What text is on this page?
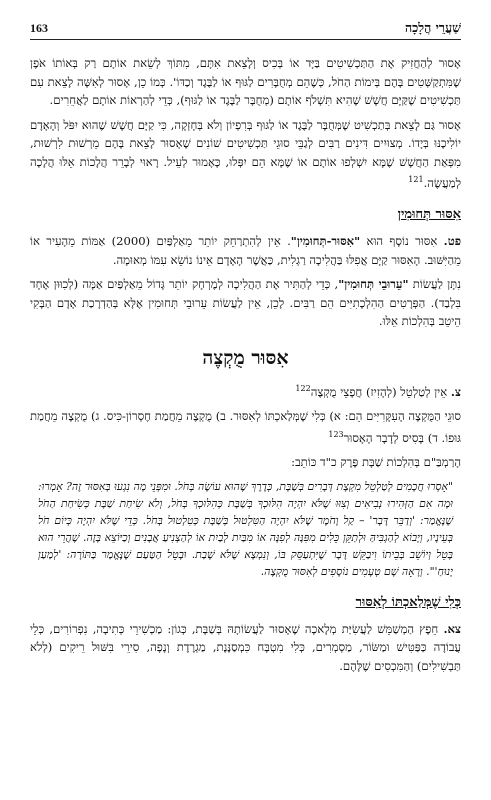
163	שַׁעֲרֵי הֲלָכָה

אָסוּר לְהַחֲזִיק אֶת הַתַּכְשִׁיטִים בַּיָּד אוֹ בְּכִיס וְלָצֵאת אִתָּם, מִתּוֹךְ לְשֵׂאת אוֹתָם רַק בְּאוֹתוֹ אֹפֶן שֶׁמִּתְקַשְּׁטִים בָּהֶם בְּימוֹת הַחֹל, כְּשֶׁהֵם מְחֻבָּרִים לַגּוּף אוֹ לַבֶּגֶד וְכַדּוֹ'. כְּמוֹ כֵן, אָסוּר לְאִשָּׁה לָצֵאת עִם תַּכְשִׁיטִים שֶׁקַּיָּם חֲשָׁשׁ שֶׁהִיא תִּשְׁלֹף אוֹתָם (מְחֻבָּר לַבֶּגֶד אוֹ לַגּוּף), כְּדֵי לְהַרְאוֹת אוֹתָם לַאֲחֵרִים.

אָסוּר גַּם לָצֵאת בְּתַכְשִׁיט שֶׁמְּחֻבָּר לַבֶּגֶד אוֹ לַגּוּף בְּרִפְיוֹן וְלֹא בְּחָזְקָה, כִּי קַיָּם חֲשָׁשׁ שֶׁהוּא יִפֹּל וְהָאָדָם יוֹלִיכֶנּוּ בְּיָדוֹ. מְצוּיִים דִּינִים רַבִּים לְגַבֵּי סוּגֵי תַּכְשִׁיטִים שׁוֹנִים שֶׁאָסוּר לָצֵאת בָּהֶם מֵרְשׁוּת לִרְשׁוּת, מִפְּאַת הַחֲשָׁשׁ שֶׁמָּא יִשְׁלְפוּ אוֹתָם אוֹ שֶׁמָּא הֵם יִפְּלוּ, כָּאָמוּר לְעֵיל. רָאוּי לְבָרֵר הֲלָכוֹת אֵלּוּ הֲלָכָה לְמַעֲשֶׂה.$^{121}$

אִסּוּר תְּחוּמִין

פט. אִסּוּר נוֹסָף הוּא "אִסּוּר-תְּחוּמִין". אֵין לְהִתְרַחֵק יוֹתֵר מֵאַלְפַּיִם (2000) אַמּוֹת מֵהָעִיר אוֹ מֵהַיִּשּׁוּב. הָאִסּוּר קַיָּם אֲפִלּוּ בַּהֲלִיכָה רַגְלִית, כַּאֲשֶׁר הָאָדָם אֵינוֹ נוֹשֵׂא עִמּוֹ מְאוּמָה.

נִתָּן לַעֲשׂוֹת "עֵרוּבֵי תְּחוּמִין", כְּדֵי לְהַתִּיר אֶת הַהֲלִיכָה לְמֶרְחָק יוֹתֵר גָּדוֹל מֵאַלְפַּיִם אַמָּה (לְכִוּוּן אֶחָד בִּלְבַד). הַפְּרָטִים הַהִלְכָתִיִּים הֵם רַבִּים. לָכֵן, אֵין לַעֲשׂוֹת עֵרוּבֵי תְּחוּמִין אֶלָּא בְּהַדְרָכַת אָדָם הַבָּקִי הֵיטֵב בְּהִלְכוֹת אֵלּוּ.

אִסּוּר מֻקְצֶה

צ. אֵין לְטַלְטֵל (לְהָזִיז) חֲפָצֵי מֻקְצֶה$^{122}$

סוּגֵי הַמֻּקְצֶה הָעִקָּרִיִּים הֵם: א) כְּלִי שֶׁמְּלַאכְתּוֹ לְאִסּוּר. ב) מֻקְצֶה מֵחֲמַת חֶסְרוֹן-כִּיס. ג) מֻקְצֶה מֵחֲמַת גּוּפוֹ. ד) בָּסִיס לְדָבָר הָאָסוּר$^{123}$

הָרַמְבַּ"ם בְּהִלְכוֹת שַׁבָּת פֶּרֶק כ"ד כּוֹתֵב:

"אָסְרוּ חֲכָמִים לְטַלְטֵל מִקְצָת דְּבָרִים בְּשַׁבָּת, כְּדֶרֶךְ שֶׁהוּא עוֹשֶׂה בְּחֹל. וּמִפְּנֵי מָה נִגְעוּ בְּאִסּוּר זֶה? אָמְרוּ: וּמָה אִם הַזְּהִירוּ נְבִיאִים וְצִוּוּ שֶׁלֹּא יִהְיֶה הִלּוּכְךָ בְּשַׁבָּת כְּהִלּוּכְךָ בְּחֹל, וְלֹא שִׂיחַת שַׁבָּת כְּשִׂיחַת הַחֹל שֶׁנֶּאֱמַר: 'וְדַבֵּר דָּבָר' – קַל וָחֹמֶר שֶׁלֹּא יִהְיֶה הַטִּלְטוּל בְּשַׁבָּת כְּטִלְטוּל בְּחֹל. כְּדֵי שֶׁלֹּא יִהְיֶה כְּיוֹם חֹל בְּעֵינָיו, וְיָבוֹא לְהַגְבִּיהַּ וּלְתַקֵּן כֵּלִים מִפִּנָּה לְפִנָּה אוֹ מִבַּיִת לְבַיִת אוֹ לְהַצְנִיעַ אֲבָנִים וְכַיּוֹצֵא בָּזֶה. שֶׁהֲרֵי הוּא בָּטֵל וְיוֹשֵׁב בְּבֵיתוֹ וִיבַקֵּשׁ דָּבָר שֶׁיִּתְעַסֵּק בּוֹ, וְנִמְצָא שֶׁלֹּא שָׁבַת. וּבָטֵל הַטַּעַם שֶׁנֶּאֱמַר בַּתּוֹרָה: 'לְמַעַן יָנוּחַ'". וְרָאָה שָׁם טְעָמִים נוֹסָפִים לְאִסּוּר מֻקְצֶה.

כְּלִי שֶׁמְּלַאכְתּוֹ לְאִסּוּר

צא. חֵפֶץ הַמְשַׁמֵּשׁ לַעֲשִׂיַּת מְלָאכָה שֶׁאָסוּר לַעֲשׂוֹתָהּ בְּשַׁבָּת, כְּגוֹן: מַכְשִׁירֵי כְּתִיבָה, נִפְרוֹרִים, כְּלֵי עֲבוֹדָה כַּפַּטִּישׁ וּמַשּׂוֹר, מַסְמְרִים, כְּלִי מִטְבָּח כִּמְסַנֶּנֶת, מַגְרֶדֶת וְנָפָה, סִירֵי בִּשּׁוּל רֵיקִים (לְלֹא תַּבְשִׁילִים) וְהַמִּכְסִים שֶׁלָּהֶם.
